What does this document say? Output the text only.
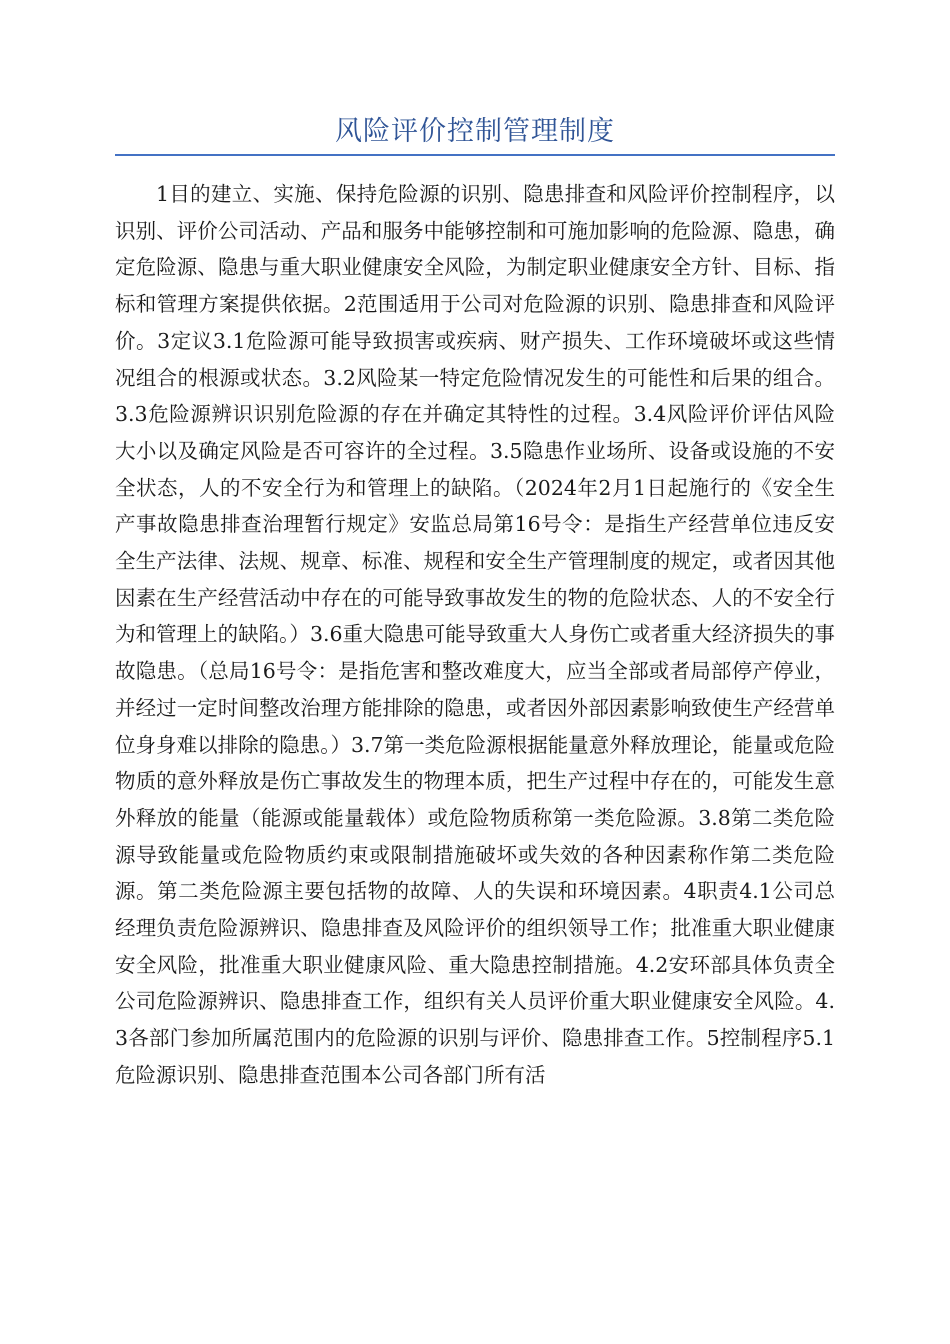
风险评价控制管理制度

1目的建立、实施、保持危险源的识别、隐患排查和风险评价控制程序，以识别、评价公司活动、产品和服务中能够控制和可施加影响的危险源、隐患，确定危险源、隐患与重大职业健康安全风险，为制定职业健康安全方针、目标、指标和管理方案提供依据。2范围适用于公司对危险源的识别、隐患排查和风险评价。3定议3.1危险源可能导致损害或疾病、财产损失、工作环境破坏或这些情况组合的根源或状态。3.2风险某一特定危险情况发生的可能性和后果的组合。3.3危险源辨识识别危险源的存在并确定其特性的过程。3.4风险评价评估风险大小以及确定风险是否可容许的全过程。3.5隐患作业场所、设备或设施的不安全状态，人的不安全行为和管理上的缺陷。（2024年2月1日起施行的《安全生产事故隐患排查治理暂行规定》安监总局第16号令：是指生产经营单位违反安全生产法律、法规、规章、标准、规程和安全生产管理制度的规定，或者因其他因素在生产经营活动中存在的可能导致事故发生的物的危险状态、人的不安全行为和管理上的缺陷。）3.6重大隐患可能导致重大人身伤亡或者重大经济损失的事故隐患。（总局16号令：是指危害和整改难度大，应当全部或者局部停产停业，并经过一定时间整改治理方能排除的隐患，或者因外部因素影响致使生产经营单位身身难以排除的隐患。）3.7第一类危险源根据能量意外释放理论，能量或危险物质的意外释放是伤亡事故发生的物理本质，把生产过程中存在的，可能发生意外释放的能量（能源或能量载体）或危险物质称第一类危险源。3.8第二类危险源导致能量或危险物质约束或限制措施破坏或失效的各种因素称作第二类危险源。第二类危险源主要包括物的故障、人的失误和环境因素。4职责4.1公司总经理负责危险源辨识、隐患排查及风险评价的组织领导工作；批准重大职业健康安全风险，批准重大职业健康风险、重大隐患控制措施。4.2安环部具体负责全公司危险源辨识、隐患排查工作，组织有关人员评价重大职业健康安全风险。4.3各部门参加所属范围内的危险源的识别与评价、隐患排查工作。5控制程序5.1危险源识别、隐患排查范围本公司各部门所有活
